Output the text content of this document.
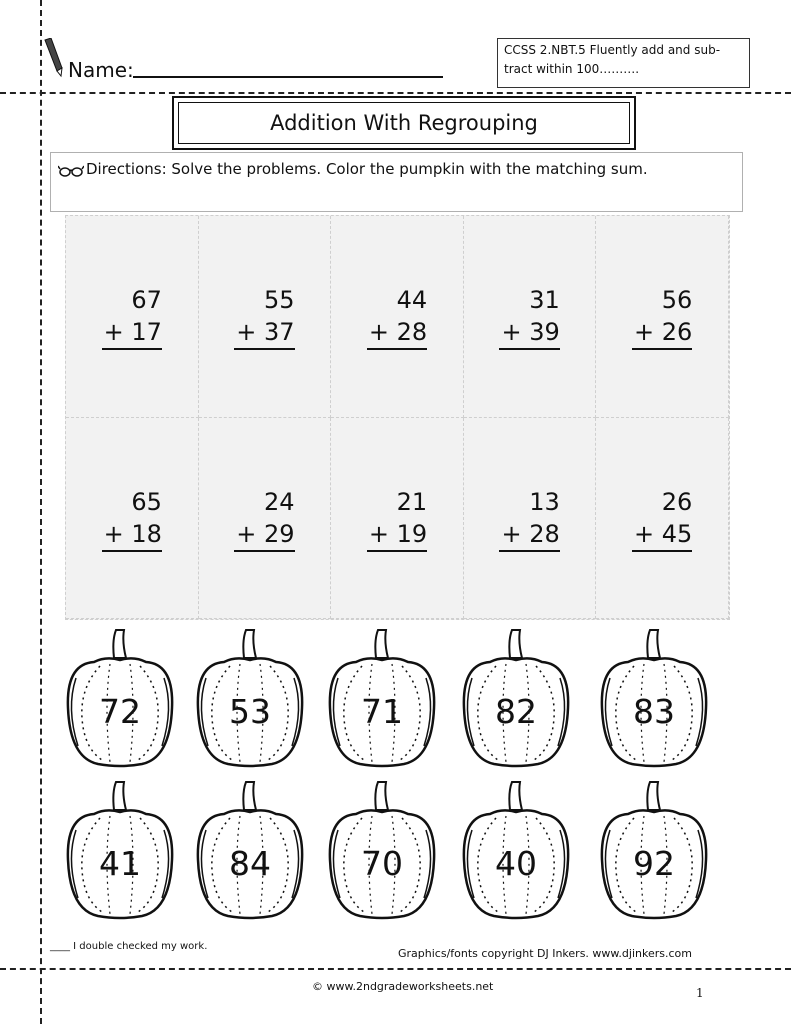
Name:
CCSS 2.NBT.5 Fluently add and sub-
tract within 100……….
Addition With Regrouping
Directions: Solve the problems. Color the pumpkin with the matching sum.
67
+ 17
55
+ 37
44
+ 28
31
+ 39
56
+ 26
65
+ 18
24
+ 29
21
+ 19
13
+ 28
26
+ 45
____ I double checked my work.
Graphics/fonts copyright DJ Inkers. www.djinkers.com
© www.2ndgradeworksheets.net	1
72	53	71	82	83
41	84	70	40	92
